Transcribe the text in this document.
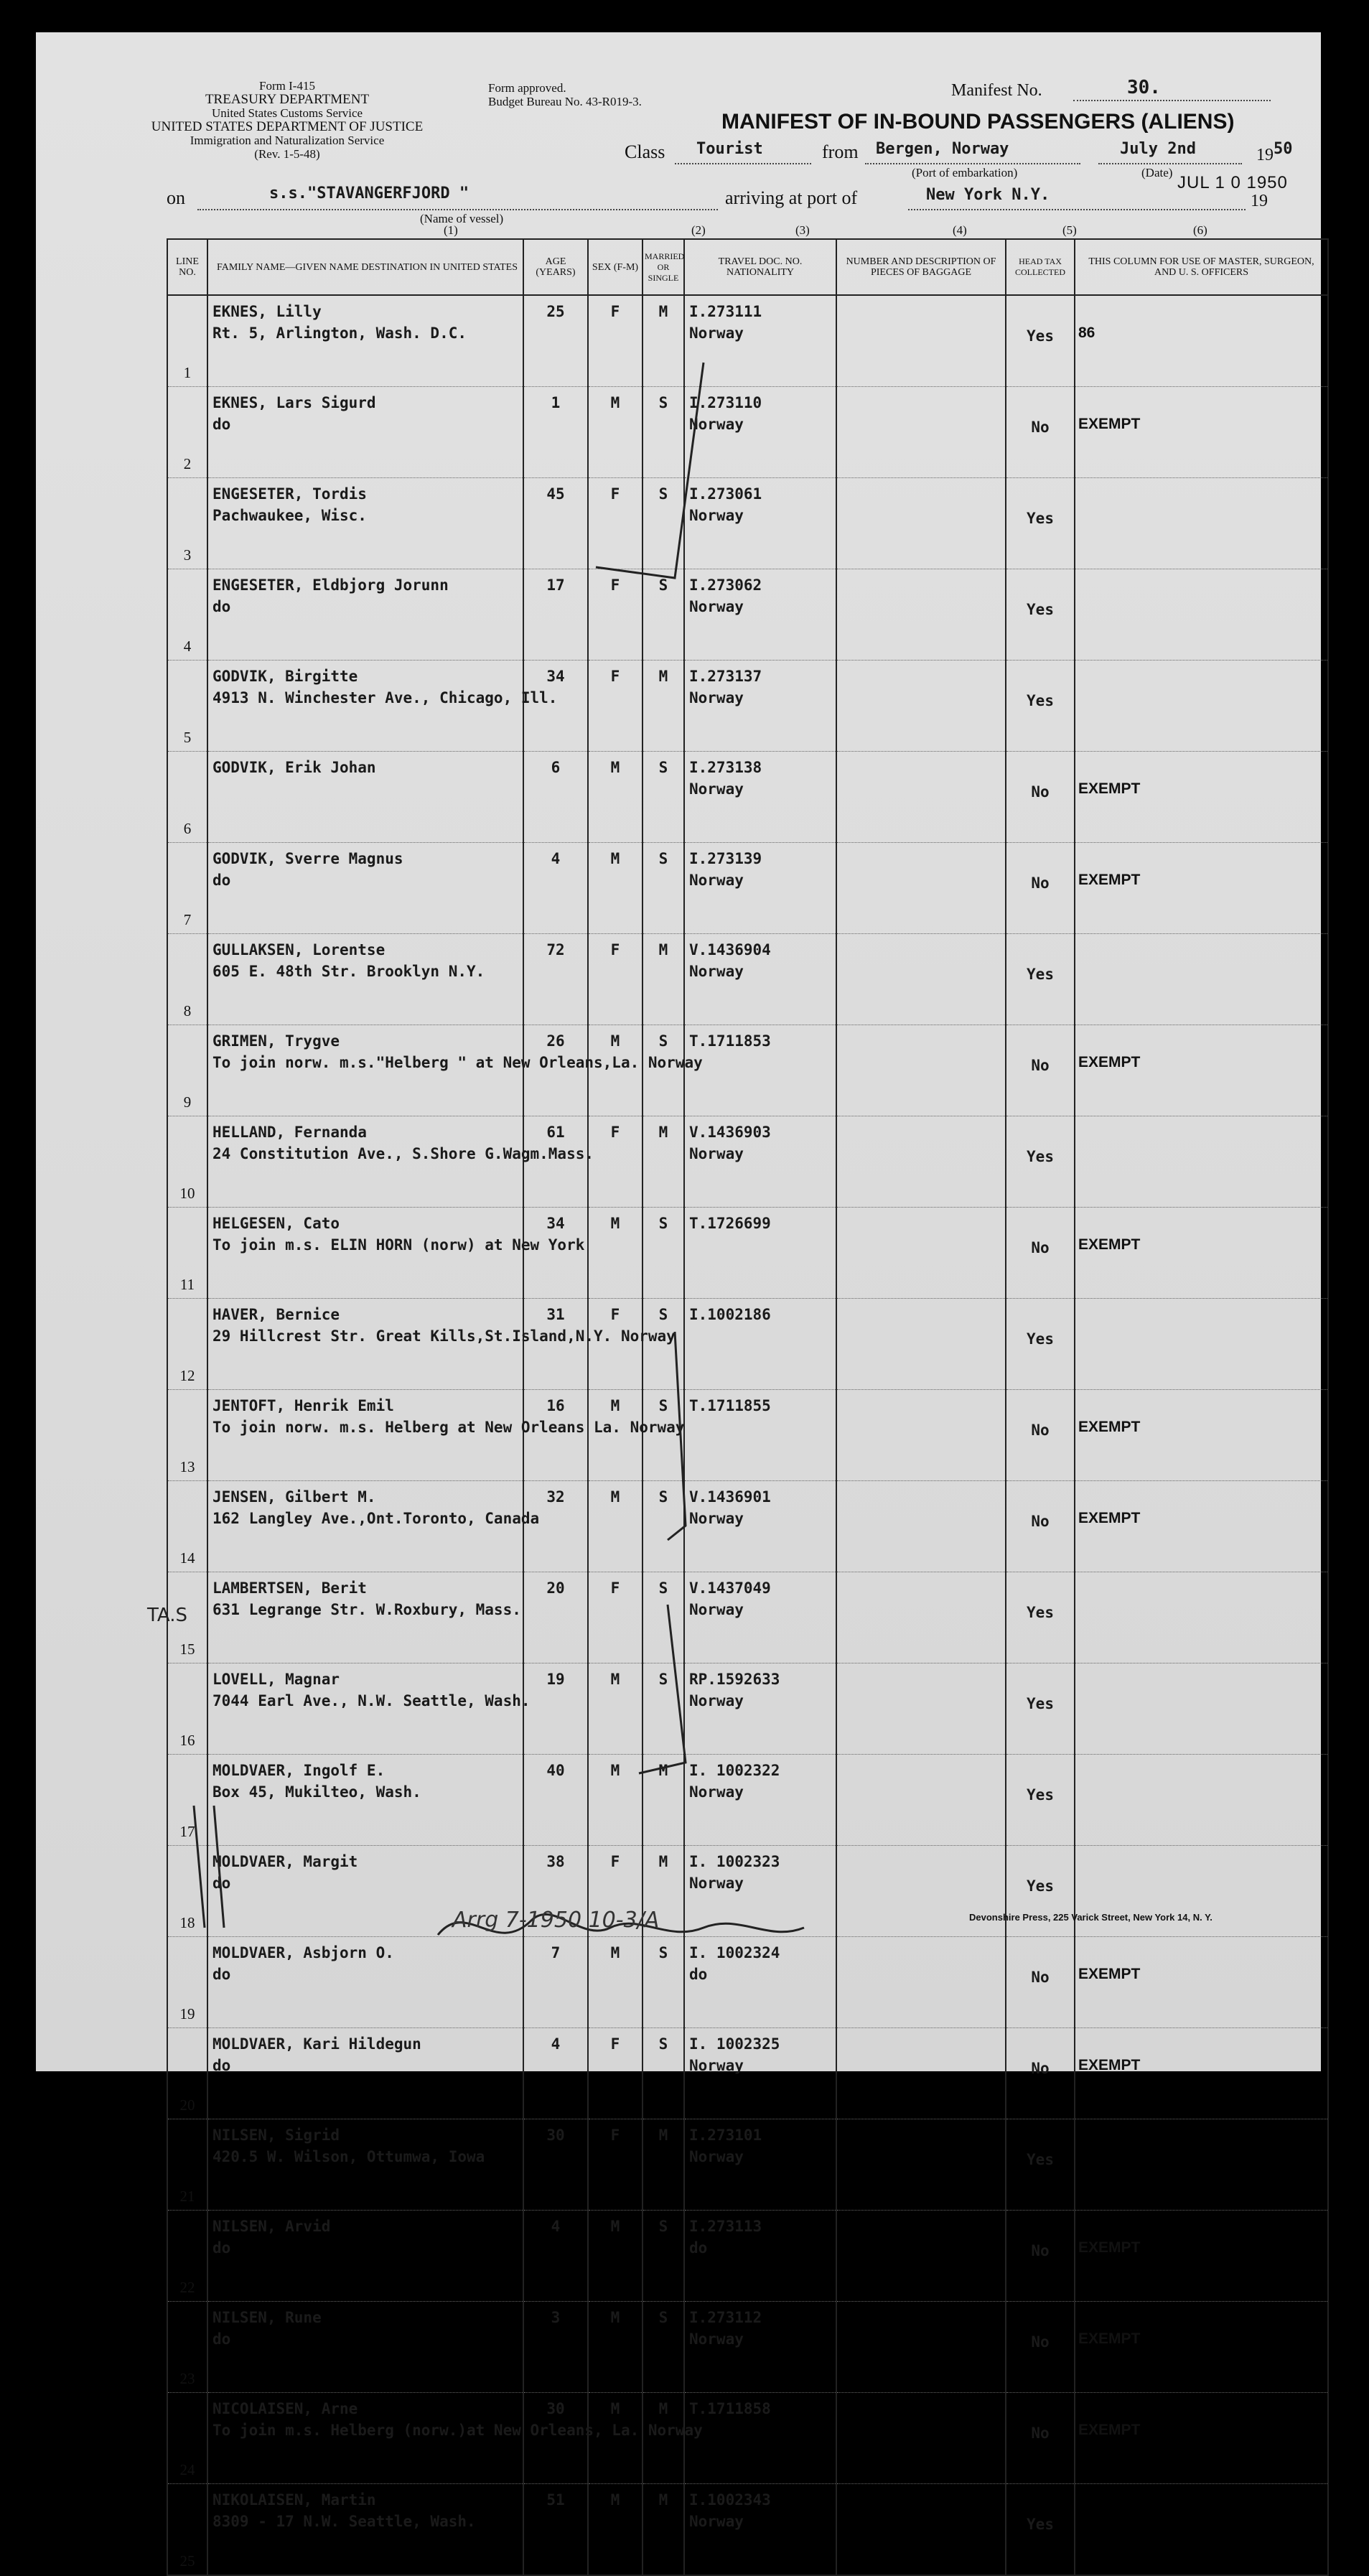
Form I-415
TREASURY DEPARTMENT
United States Customs Service
UNITED STATES DEPARTMENT OF JUSTICE
Immigration and Naturalization Service
(Rev. 1-5-48)
Form approved.
Budget Bureau No. 43-R019-3.
Manifest No.	30.
MANIFEST OF IN-BOUND PASSENGERS (ALIENS)
Class Tourist	from Bergen, Norway
(Port of embarkation)
July 2nd	19 50
(Date)
on	s.s."STAVANGERFJORD "
(Name of vessel)
arriving at port of	New York N.Y.
JUL 1 0 1950
19
(1)	(2)	(3)	(4)	(5)	(6)
LINE NO.	FAMILY NAME—GIVEN NAME DESTINATION IN UNITED STATES	AGE (YEARS)	SEX (F-M)	MARRIED OR SINGLE	TRAVEL DOC. NO. NATIONALITY	NUMBER AND DESCRIPTION OF PIECES OF BAGGAGE	HEAD TAX COLLECTED	THIS COLUMN FOR USE OF MASTER, SURGEON, AND U. S. OFFICERS
1	EKNES, Lilly
Rt. 5, Arlington, Wash. D.C.	25	F	M	I.273111
Norway		Yes	86
2	EKNES, Lars Sigurd
do	1	M	S	I.273110
Norway		No	EXEMPT
3	ENGESETER, Tordis
Pachwaukee, Wisc.	45	F	S	I.273061
Norway		Yes	
4	ENGESETER, Eldbjorg Jorunn
do	17	F	S	I.273062
Norway		Yes	
5	GODVIK, Birgitte
4913 N. Winchester Ave., Chicago, Ill.	34	F	M	I.273137
Norway		Yes	
6	GODVIK, Erik Johan	6	M	S	I.273138
Norway		No	EXEMPT
7	GODVIK, Sverre Magnus
do	4	M	S	I.273139
Norway		No	EXEMPT
8	GULLAKSEN, Lorentse
605 E. 48th Str. Brooklyn N.Y.	72	F	M	V.1436904
Norway		Yes	
9	GRIMEN, Trygve
To join norw. m.s."Helberg " at New Orleans,La. Norway	26	M	S	T.1711853		No	EXEMPT
10	HELLAND, Fernanda
24 Constitution Ave., S.Shore G.Wagm.Mass.	61	F	M	V.1436903
Norway		Yes	
11	HELGESEN, Cato
To join m.s. ELIN HORN (norw) at New York	34	M	S	T.1726699		No	EXEMPT
12	HAVER, Bernice
29 Hillcrest Str. Great Kills,St.Island,N.Y. Norway	31	F	S	I.1002186		Yes	
13	JENTOFT, Henrik Emil
To join norw. m.s. Helberg at New Orleans La. Norway	16	M	S	T.1711855		No	EXEMPT
14	JENSEN, Gilbert M.
162 Langley Ave.,Ont.Toronto, Canada	32	M	S	V.1436901
Norway		No	EXEMPT
15	LAMBERTSEN, Berit
631 Legrange Str. W.Roxbury, Mass.	20	F	S	V.1437049
Norway		Yes	
16	LOVELL, Magnar
7044 Earl Ave., N.W. Seattle, Wash.	19	M	S	RP.1592633
Norway		Yes	
17	MOLDVAER, Ingolf E.
Box 45, Mukilteo, Wash.	40	M	M	I. 1002322
Norway		Yes	
18	MOLDVAER, Margit
do	38	F	M	I. 1002323
Norway		Yes	
19	MOLDVAER, Asbjorn O.
do	7	M	S	I. 1002324
do		No	EXEMPT
20	MOLDVAER, Kari Hildegun
do	4	F	S	I. 1002325
Norway		No	EXEMPT
21	NILSEN, Sigrid
420.5 W. Wilson, Ottumwa, Iowa	30	F	M	I.273101
Norway		Yes	
22	NILSEN, Arvid
do	4	M	S	I.273113
do		No	EXEMPT
23	NILSEN, Rune
do	3	M	S	I.273112
Norway		No	EXEMPT
24	NICOLAISEN, Arne
To join m.s. Helberg (norw.)at New Orleans, La. Norway	30	M	M	T.1711858		No	EXEMPT
25	NIKOLAISEN, Martin
8309 - 17 N.W. Seattle, Wash.	51	M	M	I.1002343
Norway		Yes	
TA.S
Arrg 7-1950 10-3/A	Devonshire Press, 225 Varick Street, New York 14, N. Y.
